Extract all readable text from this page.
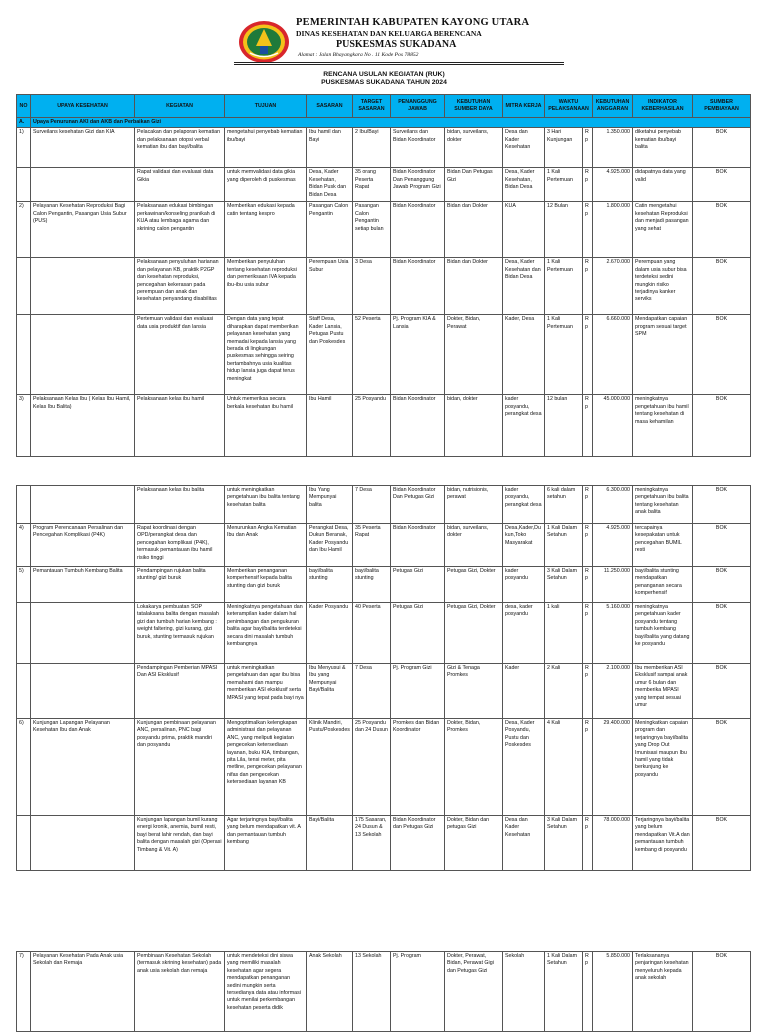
PEMERINTAH KABUPATEN KAYONG UTARA
DINAS KESEHATAN DAN KELUARGA BERENCANA
PUSKESMAS SUKADANA
Alamat : Jalan Bhayangkara No . 11 Kode Pos 78852
RENCANA USULAN KEGIATAN (RUK)
PUSKESMAS SUKADANA TAHUN 2024
NO	UPAYA KESEHATAN	KEGIATAN	TUJUAN	SASARAN	TARGET SASARAN	PENANGGUNG JAWAB	KEBUTUHAN SUMBER DAYA	MITRA KERJA	WAKTU PELAKSANAAN		KEBUTUHAN ANGGARAN	INDIKATOR KEBERHASILAN	SUMBER PEMBIAYAAN
A.	Upaya Penurunan AKI dan AKB dan Perbaikan Gizi												
1)	Surveilans kesehatan Gizi dan KIA	Pelacakan dan pelaporan kematian dan pelaksanaan otopsi verbal kematian ibu dan bayi/balita	mengetahui penyebab kematian ibu/bayi	Ibu hamil dan Bayi	2 Ibu/Bayi	Surveilans dan Bidan Koordinator	bidan, surveilans, dokter	Desa dan Kader Kesehatan	3 Hari Kunjungan	Rp	1.350.000	diketahui penyebab kematian ibu/bayi balita	BOK
		Rapat validasi dan evaluasi data Gikia	untuk memvalidasi data gikia yang diperoleh di puskesmas	Desa, Kader Kesehatan, Bidan Pusk dan Bidan Desa	35 orang Peserta Rapat	Bidan Koordinator Dan Penanggung Jawab Program Gizi	Bidan Dan Petugas Gizi	Desa, Kader Kesehatan, Bidan Desa	1 Kali Pertemuan	Rp	4.925.000	didapatnya data yang valid	BOK
2)	Pelayanan Kesehatan Reproduksi Bagi Calon Pengantin, Pasangan Usia Subur (PUS)	Pelaksanaan edukasi bimbingan perkawinan/konseling pranikah di KUA atau lembaga agama dan skrining calon pengantin	Memberikan edukasi kepada catin tentang kespro	Pasangan Calon Pengantin	Pasangan Calon Pengantin setiap bulan	Bidan Koordinator	Bidan dan Dokter	KUA	12 Bulan	Rp	1.800.000	Catin mengetahui kesehatan Reproduksi dan menjadi pasangan yang sehat	BOK
		Pelaksanaan penyuluhan harianan dan pelayanan KB, praktik P2GP dan kesehatan reproduksi, pencegahan kekerasan pada perempuan dan anak dan kesehatan penyandang disabilitas	Memberikan penyuluhan tentang kesehatan reproduksi dan pemeriksaan IVA kepada ibu-ibu usia subur	Perempuan Usia Subur	3 Desa	Bidan Koordinator	Bidan dan Dokter	Desa, Kader Kesehatan dan Bidan Desa	1 Kali Pertemuan	Rp	2.670.000	Perempuan yang dalam usia subur bisa terdeteksi sedini mungkin risiko terjadinya kanker serviks	BOK
		Pertemuan validasi dan evaluasi data usia produktif dan lansia	Dengan data yang tepat diharapkan dapat memberikan pelayanan kesehatan yang memadai kepada lansia yang berada di lingkungan puskesmas sehingga seiring bertambahnya usia kualitas hidup lansia juga dapat terus meningkat	Staff Desa, Kader Lansia, Petugas Pustu dan Poskesdes	52 Peserta	Pj. Program KIA & Lansia	Dokter, Bidan, Perawat	Kader, Desa	1 Kali Pertemuan	Rp	6.660.000	Mendapatkan capaian program sesuai target SPM	BOK
3)	Pelaksanaan Kelas Ibu ( Kelas Ibu Hamil, Kelas Ibu Balita)	Pelaksanaan kelas ibu hamil	Untuk memeriksa secara berkala kesehatan ibu hamil	Ibu Hamil	25 Posyandu	Bidan Koordinator	bidan, dokter	kader posyandu, perangkat desa	12 bulan	Rp	45.000.000	meningkatnya pengetahuan ibu hamil tentang kesehatan di masa kehamilan	BOK
		Pelaksanaan kelas ibu balita	untuk meningkatkan pengetahuan ibu balita tentang kesehatan balita	Ibu Yang Mempunyai balita	7 Desa	Bidan Koordinator Dan Petugas Gizi	bidan, nutrisionis, perawat	kader posyandu, perangkat desa	6 kali dalam setahun	Rp	6.300.000	meningkatnya pengetahuan ibu balita tentang kesehatan anak balita	BOK
4)	Program Perencanaan Persalinan dan Pencegahan Komplikasi (P4K)	Rapat koordinasi dengan OPD/perangkat desa dan pencegahan komplikasi (P4K), termasuk pemantauan ibu hamil risiko tinggi	Menurunkan Angka Kematian Ibu dan Anak	Perangkat Desa, Dukun Beranak, Kader Posyandu dan Ibu Hamil	35 Peserta Rapat	Bidan Koordinator	bidan, surveilans, dokter	Desa,Kader,Dukun,Toko Masyarakat	1 Kali Dalam Setahun	Rp	4.925.000	tercapainya kesepakatan untuk pencegahan BUMIL resti	BOK
5)	Pemantauan Tumbuh Kembang Balita	Pendampingan rujukan balita stunting/ gizi buruk	Memberikan penanganan komperhensif kepada balita stunting dan gizi buruk	bayi/balita stunting	bayi/balita stunting	Petugas Gizi	Petugas Gizi, Dokter	kader posyandu	3 Kali Dalam Setahun	Rp	11.250.000	bayi/balita stunting mendapatkan penanganan secara komperhensif	BOK
		Lokakarya pembuatan SOP tatalaksana balita dengan masalah gizi dan tumbuh harian kembang : weight faltering, gizi kurang, gizi buruk, stunting termasuk rujukan	Meningkatnya pengetahuan dan keterampilan kader dalam hal penimbangan dan pengukuran balita agar bayi/balita terdeteksi secara dini masalah tumbuh kembangnya	Kader Posyandu	40 Peserta	Petugas Gizi	Petugas Gizi, Dokter	desa, kader posyandu	1 kali	Rp	5.160.000	meningkatnya pengetahuan kader posyandu tentang tumbuh kembang bayi/balita yang datang ke posyandu	BOK
		Pendampingan Pemberian MPASI Dan ASI Eksklusif	untuk meningkatkan pengetahuan dan agar ibu bisa memahami dan mampu memberikan ASI eksklusif serta MPASI yang tepat pada bayi nya	Ibu Menyusui & Ibu yang Mempunyai Bayi/Balita	7 Desa	Pj. Program Gizi	Gizi & Tenaga Promkes	Kader	2 Kali	Rp	2.100.000	Ibu memberikan ASI Eksklusif sampai anak umur 6 bulan dan memberika MPASI yang tempat sesuai umur	BOK
6)	Kunjungan Lapangan Pelayanan Kesehatan Ibu dan Anak	Kunjungan pembinaan pelayanan ANC, persalinan, PNC bagi posyandu prima, praktik mandiri dan posyandu	Mengoptimalkan kelengkapan administrasi dan pelayanan ANC, yang meliputi kegiatan pengecekan ketersediaan layanan, buku KIA, timbangan, pita Lila, tensi meter, pita metline, pengecekan pelayanan nifas dan pengecekan ketersediaan layanan KB	Klinik Mandiri, Pustu/Poskesdes	25 Posyandu dan 24 Dusun	Promkes dan Bidan Koordinator	Dokter, Bidan, Promkes	Desa, Kader Posyandu, Pustu dan Poskesdes	4 Kali	Rp	29.400.000	Meningkatkan capaian program dan terjaringnya bayi/balita yang Drop Out Imunisasi maupun Ibu hamil yang tidak berkunjung ke posyandu	BOK
		Kunjungan lapangan bumil kurang energi kronik, anemia, bumil resti, bayi berat lahir rendah, dan bayi balita dengan masalah gizi (Operasi Timbang & Vit. A)	Agar terjaringnya bayi/balita yang belum mendapatkan vit. A dan pemantauan tumbuh kembang	Bayi/Balita	175 Sasaran, 24 Dusun & 13 Sekolah	Bidan Koordinator dan Petugas Gizi	Dokter, Bidan dan petugas Gizi	Desa dan Kader Kesehatan	3 Kali Dalam Setahun	Rp	78.000.000	Terjaringnya bayi/balita yang belum mendapatkan Vit.A dan pemantauan tumbuh kembang di posyandu	BOK
7)	Pelayanan Kesehatan Pada Anak usia Sekolah dan Remaja	Pembinaan Kesehatan Sekolah (termasuk skrining kesehatan) pada anak usia sekolah dan remaja	untuk mendeteksi dini siswa yang memiliki masalah kesehatan agar segera mendapatkan penanganan sedini mungkin serta tersedianya data atau informasi untuk menilai perkembangan kesehatan peserta didik	Anak Sekolah	13 Sekolah	Pj. Program	Dokter, Perawat, Bidan, Perawat Gigi dan Petugas Gizi	Sekolah	1 Kali Dalam Setahun	Rp	5.850.000	Terlaksananya penjaringan kesehatan menyeluruh kepada anak sekolah	BOK
